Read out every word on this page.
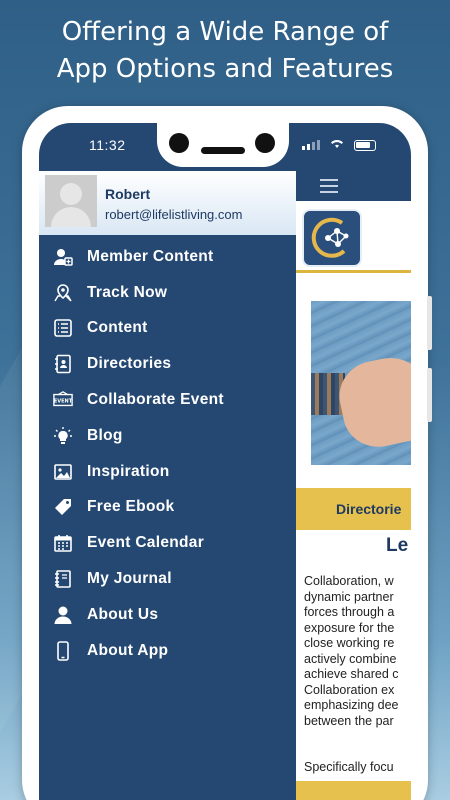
Offering a Wide Range of
App Options and Features
Directorie
Le
Collaboration, w
dynamic partner
forces through a
exposure for the
close working re
actively combine
achieve shared c
Collaboration ex
emphasizing dee
between the par
Specifically focu
11:32
Robert
robert@lifelistliving.com
Member Content
Track Now
Content
Directories
EVENT Collaborate Event
Blog
Inspiration
Free Ebook
Event Calendar
My Journal
About Us
About App
